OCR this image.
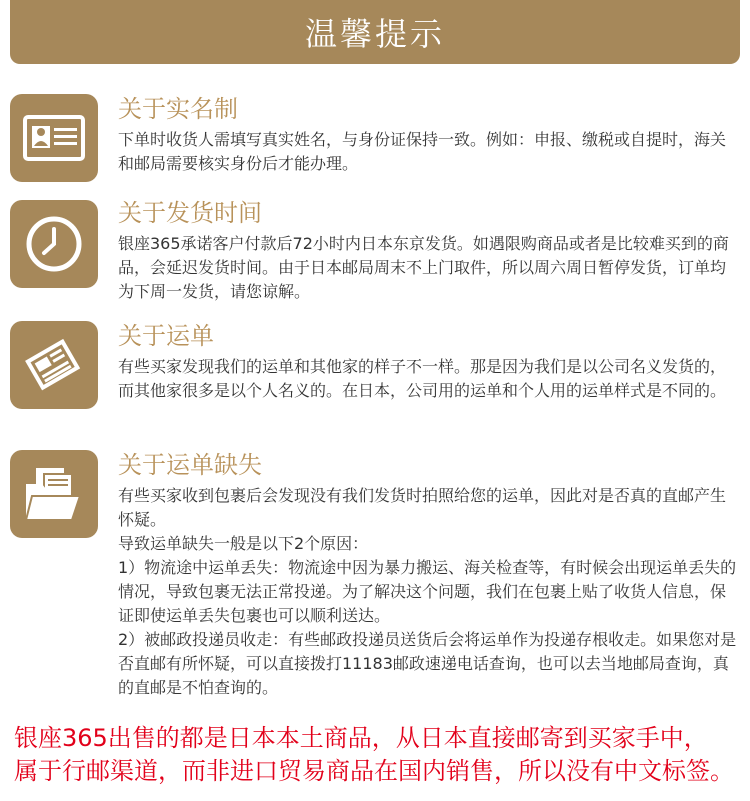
温馨提示
关于实名制

下单时收货人需填写真实姓名，与身份证保持一致。例如：申报、缴税或自提时，海关和邮局需要核实身份后才能办理。

关于发货时间

银座365承诺客户付款后72小时内日本东京发货。如遇限购商品或者是比较难买到的商品，会延迟发货时间。由于日本邮局周末不上门取件，所以周六周日暂停发货，订单均为下周一发货，请您谅解。

关于运单

有些买家发现我们的运单和其他家的样子不一样。那是因为我们是以公司名义发货的，而其他家很多是以个人名义的。在日本，公司用的运单和个人用的运单样式是不同的。

关于运单缺失

有些买家收到包裹后会发现没有我们发货时拍照给您的运单，因此对是否真的直邮产生怀疑。

导致运单缺失一般是以下2个原因：

1）物流途中运单丢失：物流途中因为暴力搬运、海关检查等，有时候会出现运单丢失的情况，导致包裹无法正常投递。为了解决这个问题，我们在包裹上贴了收货人信息，保证即使运单丢失包裹也可以顺利送达。

2）被邮政投递员收走：有些邮政投递员送货后会将运单作为投递存根收走。如果您对是否直邮有所怀疑，可以直接拨打11183邮政速递电话查询，也可以去当地邮局查询，真的直邮是不怕查询的。

银座365出售的都是日本本土商品，从日本直接邮寄到买家手中，

属于行邮渠道，而非进口贸易商品在国内销售，所以没有中文标签。
